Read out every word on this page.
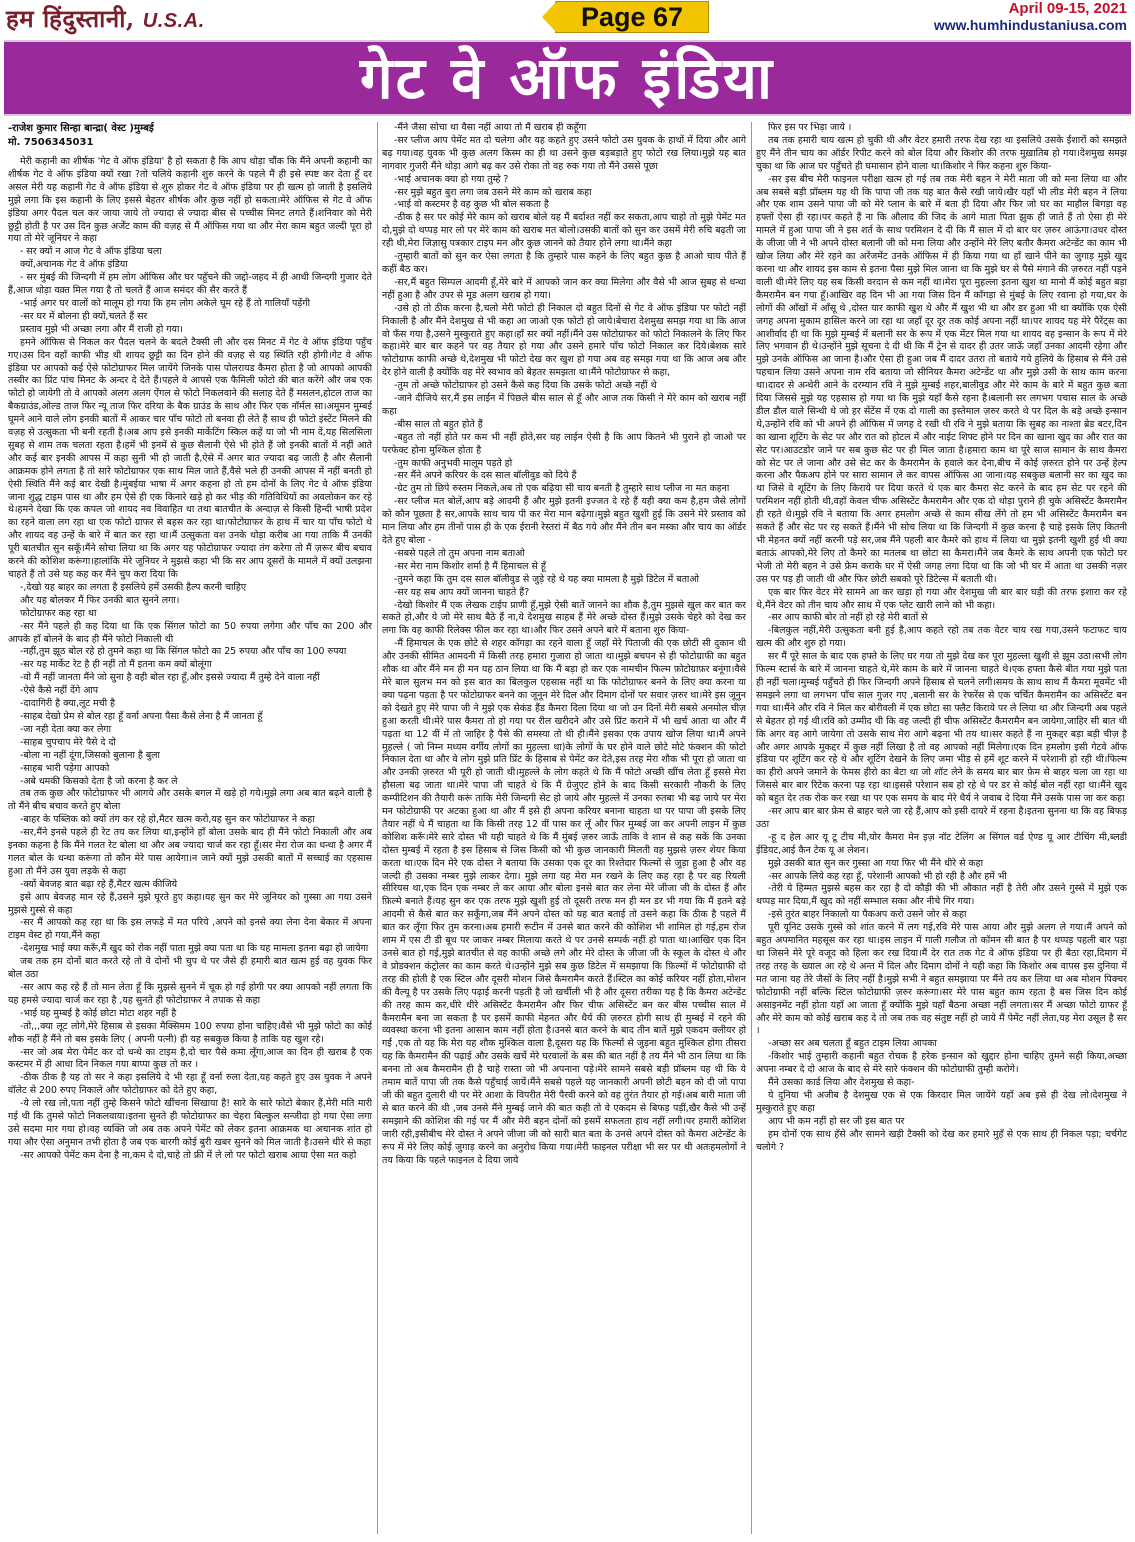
हम हिंदुस्तानी, U.S.A.	Page 67	April 09-15, 2021
www.humhindustaniusa.com
गेट वे ऑफ इंडिया
-राजेश कुमार सिन्हा बान्द्रा( वेस्ट )मुम्बई
मो. 7506345031

मेरी कहानी का शीर्षक 'गेट वे ऑफ इंडिया' है हो सकता है कि आप थोड़ा चौंक कि मैंने अपनी कहानी का शीर्षक गेट वे ऑफ इंडिया क्यों रखा ?तो चलिये कहानी शुरु करने के पहले मैं ही इसे स्पष्ट कर देता हूँ दर असल मेरी यह कहानी गेट वे ऑफ इंडिया से शुरु होकर गेट वे ऑफ इंडिया पर ही खत्म हो जाती है इसलिये मुझे लगा कि इस कहानी के लिए इससे बेहतर शीर्षक और कुछ नहीं हो सकता।मेरे ऑफिस से गेट वे ऑफ इंडिया अगर पैदल चल कर जाया जाये तो ज्यादा से ज्यादा बीस से पच्चीस मिनट लगते हैं।शनिवार को मेरी छुट्टी होती है पर उस दिन कुछ अर्जेंट काम की वज़ह से मैं ऑफिस गया था और मेरा काम बहुत जल्दी पूरा हो गया तो मेरे जूनियर ने कहा

- सर क्यों न आज गेट वे ऑफ इंडिया चला

क्यों,अचानक गेट वे ऑफ इंडिया

- सर मुंबई की जिन्दगी में हम लोग ऑफिस और घर पहुँचने की जद्दो-जहद में ही आधी जिन्दगी गुजार देते हैं,आज थोड़ा वक़्त मिल गया है तो चलते हैं आज समंदर की सैर करते हैं

-भाई अगर घर वालों को मालूम हो गया कि हम लोग अकेले घूम रहे हैं तो गालियाँ पड़ेंगी

-सर घर में बोलना ही क्यों,चलते हैं सर

प्रस्ताव मुझे भी अच्छा लगा और मैं राजी हो गया।

हमने ऑफिस से निकल कर पैदल चलने के बदले टैक्सी ली और दस मिनट में गेट वे ऑफ इंडिया पहुँच गए।उस दिन वहाँ काफी भीड़ थी शायद छुट्टी का दिन होने की वज़ह से यह स्थिति रही होगी।गेट वे ऑफ इंडिया पर आपको कई ऐसे फोटोग्राफर मिल जायेंगे जिनके पास पोलरायड कैमरा होता है जो आपको आपकी तस्वीर का प्रिंट पांच मिनट के अन्दर दे देते हैं।पहले वे आपसे एक फैमिली फोटो की बात करेंगे और जब एक फोटो हो जायेगी तो वे आपको अलग अलग ऐंगल से फोटो निकलवाने की सलाह देते हैं मसलन,होटल ताज का बैकग्राउंड,ओल्ड ताज फिर न्यू ताज फिर दरिया के बैक ग्राउंड के साथ और फिर एक नॉर्मल सा।अमूमन मुम्बई घूमने आने वाले लोग इनकी बातों में आकर चार पाँच फोटो तो बनवा ही लेते हैं साथ ही फोटो इंस्टेंट मिलने की वज़ह से उत्सुकता भी बनी रहती है।अब आप इसे इनकी मार्केटिंग स्किल कहें या जो भी नाम दें,यह सिलसिला सुबह से शाम तक चलता रहता है।हमें भी इनमें से कुछ सैलानी ऐसे भी होते हैं जो इनकी बातों में नहीं आते और कई बार इनकी आपस में कहा सुनी भी हो जाती है,ऐसे में अगर बात ज्यादा बढ़ जाती है और सैलानी आक्रमक होने लगता है तो सारे फोटोग्राफर एक साथ मिल जाते हैं,वैसे भले ही उनकी आपस में नहीं बनती हो ऐसी स्थिति मैंने कई बार देखी है।मुंबईया भाषा में अगर कहना हो तो हम दोनों के लिए गेट वे ऑफ इंडिया जाना शुद्ध टाइम पास था और हम ऐसे ही एक किनारे खड़े हो कर भीड़ की गतिविधियों का अवलोकन कर रहे थे।हमने देखा कि एक कपल जो शायद नव विवाहित था तथा बातचीत के अन्दाज़ से किसी हिन्दी भाषी प्रदेश का रहने वाला लग रहा था एक फोटो ग्राफर से बहस कर रहा था।फोटोग्राफर के हाथ में चार या पाँच फोटो थे और शायद वह उन्हें के बारे में बात कर रहा था।मैं उत्सुकता वश उनके थोड़ा करीब आ गया ताकि मैं उनकी पूरी बातचीत सुन सकूँ।मैंने सोचा लिया था कि अगर यह फोटोग्राफर ज्यादा तंग करेगा तो मैं ज़रूर बीच बचाव करने की कोशिश करूंगा।हालांकि मेरे जूनियर ने मुझसे कहा भी कि सर आप दूसरों के मामले में क्यों उलझना चाहते हैं तो उसे यह कह कर मैंने चुप करा दिया कि

-,देखो यह बाहर का लगता है इसलिये हमें उसकी हैल्प करनी चाहिए

और यह बोलकर मैं फिर उनकी बात सुनने लगा।

फोटोग्राफर कह रहा था

-सर मैंने पहले ही कह दिया था कि एक सिंगल फोटो का 50 रुपया लगेगा और पाँच का 200 और आपके हाँ बोलने के बाद ही मैंने फोटो निकाली थी

-नहीं,तुम झूठ बोल रहे हो तुमने कहा था कि सिंगल फोटो का 25 रुपया और पाँच का 100 रुपया

-सर यह मार्केट रेट है ही नहीं तो मैं इतना कम क्यों बोलूंगा

-वो मैं नहीं जानता मैंने जो सुना है वही बोल रहा हूँ,और इससे ज्यादा मैं तुम्हे देने वाला नहीं

-ऐसे कैसे नहीं देंगे आप

-दादागिरी है क्या,लूट मची है

-साहब देखो प्रेम से बोल रहा हूँ वर्ना अपना पैसा कैसे लेना है मैं जानता हूँ

-जा नही देता क्या कर लेगा

-साहब चुपचाप मेरे पैसे दे दो

-बोला ना नहीं दूंगा,जिसको बुलाना है बुला

-साहब भारी पड़ेगा आपको

-अबे धमकी किसको देता है जो करना है कर ले

तब तक कुछ और फोटोग्राफर भी आगये और उसके बगल में खड़े हो गये।मुझे लगा अब बात बढ़ने वाली है तो मैंने बीच बचाव करते हुए बोला

-बाहर के पब्लिक को क्यों तंग कर रहे हो,मैटर खत्म करो,यह सुन कर फोटोग्राफर ने कहा

-सर,मैंने इनसे पहले ही रेट तय कर लिया था,इन्होंने हाँ बोला उसके बाद ही मैंने फोटो निकाली और अब इनका कहना है कि मैंने गलत रेट बोला था और अब ज्यादा चार्ज कर रहा हूँ।सर मेरा रोज का धन्धा है अगर मैं गलत बोल के धन्धा करूंगा तो कौन मेरे पास आयेगा।न जाने क्यों मुझे उसकी बातों में सच्चाई का एहसास हुआ तो मैंने उस युवा लड़के से कहा

-क्यों बेवजह बात बढ़ा रहे हैं,मैटर खत्म कीजिये

इसे आप बेवजह मान रहे हैं,उसने मुझे घूरते हुए कहा।यह सुन कर मेरे जूनियर को गुस्सा आ गया उसने मुझसे गुस्से से कहा

-सर मैं आपको कह रहा था कि इस लफड़े में मत परिये ,अपने को इनसे क्या लेना देना बेकार में अपना टाइम वेस्ट हो गया,मैंने कहा

-देशमुख भाई क्या करूँ,मैं खुद को रोक नहीं पाता मुझे क्या पता था कि यह मामला इतना बढ़ा हो जायेगा

जब तक हम दोनों बात करते रहे तो वे दोनों भी चुप थे पर जैसे ही हमारी बात खत्म हुई वह युवक फिर बोल उठा

-सर आप कह रहे हैं तो मान लेता हूँ कि मुझसे सुनने में चूक हो गई होगी पर क्या आपको नहीं लगता कि यह हमसे ज्यादा चार्ज कर रहा है ,यह सुनते ही फोटोग्राफर ने तपाक से कहा

-भाई यह मुम्बई है कोई छोटा मोटा शहर नहीं है

-तो,,,क्या लूट लोगे,मेरे हिसाब से इसका मैक्सिमम 100 रुपया होना चाहिए।वैसे भी मुझे फोटो का कोई शौक नहीं है मैंने तो बस इसके लिए ( अपनी पत्नी) ही यह सबकुछ किया है ताकि यह खुश रहे।

-सर जो अब मेरा पेमेंट कर दो धन्धे का टाइम है,दो चार पैसे कमा लूँगा,आज का दिन ही खराब है एक कस्टमर में ही आधा दिन निकल गया बाप्पा कुछ तो कर ।

-ठीक ठीक है यह तो सर ने कहा इसलिये दे भी रहा हूँ वर्ना रुला देता,यह कहते हुए उस युवक ने अपने वॉलेट से 200 रुपए निकाले और फोटोग्राफर को देते हुए कहा,

-ये लो रख लो,पता नहीं तुम्हे किसने फोटो खींचना सिखाया है! सारे के सारे फोटो बेकार हैं,मेरी मति मारी गई थी कि तुमसे फोटो निकलवाया।इतना सुनते ही फोटोग्राफर का चेहरा बिल्कुल सन्जीदा हो गया ऐसा लगा उसे सदमा मार गया हो।वह व्यक्ति जो अब तक अपने पेमेंट को लेकर इतना आक्रमक था अचानक शांत हो गया और ऐसा अनुमान तभी होता है जब एक बारगी कोई बुरी खबर सुनने को मिल जाती है।उसने धीरे से कहा

-सर आपको पेमेंट कम देना है ना,कम दे दो,चाहे तो फ्री में ले लो पर फोटो खराब आया ऐसा मत कहो

-मैंने जैसा सोचा था वैसा नहीं आया तो मैं खराब ही कहूँगा

-सर प्लीज आप पेमेंट मत दो चलेगा और यह कहते हुए उसने फोटो उस युवक के हाथों में दिया और आगे बढ़ गया।वह युवक भी कुछ अलग किस्म का ही था उसने कुछ बड़बड़ाते हुए फोटो रख लिया।मुझे यह बात नागवार गुजरी मैंने थोड़ा आगे बढ़ कर उसे रोका तो वह रुक गया तो मैंने उससे पूछा

-भाई अचानक क्या हो गया तुम्हे ?

-सर मुझे बहुत बुरा लगा जब उसने मेरे काम को खराब कहा

-भाई वो कस्टमर है वह कुछ भी बोल सकता है

-ठीक है सर पर कोई मेरे काम को खराब बोले यह मैं बर्दाश्त नहीं कर सकता,आप चाहो तो मुझे पेमेंट मत दो,मुझे दो थप्पड़ मार लो पर मेरे काम को खराब मत बोलो।उसकी बातों को सुन कर उसमें मेरी रुचि बढ़ती जा रही थी,मेरा जिज्ञासु पत्रकार टाइप मन और कुछ जानने को तैयार होने लगा था।मैंने कहा

-तुम्हारी बातों को सुन कर ऐसा लगता है कि तुम्हारे पास कहने के लिए बहुत कुछ है आओ चाय पीते हैं कहीं बैठ कर।

-सर,मैं बहुत सिम्पल आदमी हूँ,मेरे बारे में आपको जान कर क्या मिलेगा और वैसे भी आज सुबह से धन्धा नहीं हुआ है और उपर से मूड अलग खराब हो गया।

-उसे हो तो ठीक करना है,चलो मेरी फोटो ही निकाल दो बहुत दिनों से गेट वे ऑफ इंडिया पर फोटो नहीं निकाली है और मैंने देशमुख से भी कहा आ जाओ एक फोटो हो जाये।बेचारा देशमुख समझ गया था कि आज वो फँस गया है,उसने मुस्कुराते हुए कहा।हाँ सर क्यों नहीं।मैंने उस फोटोग्राफर को फोटो निकालने के लिए फिर कहा।मेरे बार बार कहने पर वह तैयार हो गया और उसने हमारे पाँच फोटो निकाल कर दिये।बेशक सारे फोटोग्राफ काफी अच्छे थे,देशमुख भी फोटो देख कर खुश हो गया अब वह समझ गया था कि आज अब और देर होने वाली है क्योंकि वह मेरे स्वभाव को बेहतर समझता था।मैंने फोटोग्राफर से कहा,

-तुम तो अच्छे फोटोग्राफर हो उसने कैसे कह दिया कि उसके फोटो अच्छे नहीं थे

-जाने दीजिये सर,मैं इस लाईन में पिछले बीस साल से हूँ और आज तक किसी ने मेरे काम को खराब नहीं कहा

-बीस साल तो बहुत होते हैं

-बहुत तो नहीं होते पर कम भी नहीं होते,सर यह लाईन ऐसी है कि आप कितने भी पुराने हो जाओ पर परफेक्ट होना मुश्किल होता है

-तुम काफी अनुभवी मालूम पड़ते हो

-सर मैंने अपने करियर के दस साल बॉलीवुड को दिये हैं

-ग्रेट तुम तो छिपे रुस्तम निकले,अब तो एक बढ़िया सी चाय बनती है तुम्हारे साथ प्लीज ना मत कहना

-सर प्लीज मत बोलें,आप बड़े आदमी हैं और मुझे इतनी इज्जत दे रहे हैं यही क्या कम है,हम जैसे लोगों को कौन पूछता है सर,आपके साथ चाय पी कर मेरा मान बढ़ेगा।मुझे बहुत खुशी हुई कि उसने मेरे प्रस्ताव को मान लिया और हम तीनों पास ही के एक ईरानी रेस्तरां में बैठ गये और मैंने तीन बन मस्का और चाय का ऑर्डर देते हुए बोला -

-सबसे पहले तो तुम अपना नाम बताओ

-सर मेरा नाम किशोर शर्मा है मैं हिमाचल से हूँ

-तुमने कहा कि तुम दस साल बॉलीवुड से जुड़े रहे थे यह क्या मामला है मुझे डिटेल में बताओ

-सर यह सब आप क्यों जानना चाहते हैं?

-देखो किशोर मैं एक लेखक टाईप प्राणी हूँ,मुझे ऐसी बातें जानने का शौक है,तुम मुझसे खुल कर बात कर सकते हो,और ये जो मेरे साथ बैठे हैं ना,ये देशमुख साहब हैं मेरे अच्छे दोस्त हैं।मुझे उसके चेहरे को देख कर लगा कि वह काफी रिलेक्स फील कर रहा था।और फिर उसने अपने बारे में बताना शुरु किया-

-मैं हिमाचल के एक छोटे से शहर काँगड़ा का रहने वाला हूँ जहाँ मेरे पिताजी की एक छोटी सी दुकान थी और उनकी सीमित आमदनी में किसी तरह हमारा गुजारा हो जाता था।मुझे बचपन से ही फोटोग्राफी का बहुत शौक था और मैंने मन ही मन यह ठान लिया था कि मैं बड़ा हो कर एक नामचीन फिल्म फ़ोटोग्राफ़र बनूंगा।वैसे मेरे बाल सुलभ मन को इस बात का बिलकुल एहसास नहीं था कि फोटोग्राफर बनने के लिए क्या करना या क्या पढ़ना पड़ता है पर फोटोग्राफर बनने का जूनून मेरे दिल और दिमाग दोनों पर सवार ज़रुर था।मेरे इस जूनुन को देखते हुए मेरे पापा जी ने मुझे एक सेकंड हैंड कैमरा दिला दिया था जो उन दिनों मेरी सबसे अनमोल चीज़ हुआ करती थी।मेरे पास कैमरा तो हो गया पर रील खरीदने और उसे प्रिंट कराने में भी खर्च आता था और मैं पढ़ता था 12 वीं में तो जाहिर है पैसे की समस्या तो थी ही।मैंने इसका एक उपाय खोज लिया था।मैं अपने मुहल्ले ( जो निम्न मध्यम वर्गीय लोगों का मुहल्ला था)के लोगों के घर होने वाले छोटे मोटे फंक्शन की फोटो निकाल देता था और वे लोग मुझे प्रति प्रिंट के हिसाब से पेमेंट कर देते,इस तरह मेरा शौक भी पूरा हो जाता था और उनकी ज़रुरत भी पूरी हो जाती थी।मुहल्ले के लोग कहते थे कि मैं फोटो अच्छी खींच लेता हूँ इससे मेरा हौसला बढ़ जाता था।मेरे पापा जी चाहते थे कि मैं ग्रेजुएट होने के बाद किसी सरकारी नौकरी के लिए कम्पीटिशन की तैयारी करूं ताकि मेरी जिन्दगी सेट हो जाये और मुहल्ले में उनका रुतबा भी बढ़ जाये पर मेरा मन फोटोग्राफी पर अटका हुआ था और मैं इसे ही अपना करियर बनाना चाहता था पर पापा जी इसके लिए तैयार नहीं थे मैं चाहता था कि किसी तरह 12 वीं पास कर लूँ और फिर मुम्बई जा कर अपनी लाइन में कुछ कोशिश करूँ।मेरे सारे दोस्त भी यही चाहते थे कि मैं मुंबई ज़रुर जाऊँ ताकि वे शान से कह सकें कि उनका दोस्त मुम्बई में रहता है इस हिसाब से जिस किसी को भी कुछ जानकारी मिलती वह मुझसे ज़रुर शेयर किया करता था।एक दिन मेरे एक दोस्त ने बताया कि उसका एक दूर का रिश्तेदार फिल्मों से जुड़ा हुआ है और वह जल्दी ही उसका नम्बर मुझे लाकर देगा। मुझे लगा यह मेरा मन रखने के लिए कह रहा है पर वह रियली सीरियस था,एक दिन एक नम्बर ले कर आया और बोला इनसे बात कर लेना मेरे जीजा जी के दोस्त हैं और फ़िल्मे बनाते हैं।यह सुन कर एक तरफ मुझे खुशी हुई तो दूसरी तरफ मन ही मन डर भी गया कि मैं इतने बड़े आदमी से कैसे बात कर सकूँगा,जब मैंने अपने दोस्त को यह बात बताई तो उसने कहा कि ठीक है पहले मैं बात कर लूँगा फिर तुम करना।अब हमारी रूटीन में उनसे बात करने की कोशिश भी शामिल हो गई,हम रोज शाम में एस टी डी बूथ पर जाकर नम्बर मिलाया करते थे पर उनसे सम्पर्क नहीं हो पाता था।आखिर एक दिन उनसे बात हो गई,मुझे बातचीत से वह काफी अच्छे लगे और मेरे दोस्त के जीजा जी के स्कूल के दोस्त थे और वे प्रोडक्शन कंट्रोलर का काम करते थे।उन्होंने मुझे सब कुछ डिटेल में समझाया कि फ़िल्मों में फोटोग्राफी दो तरह की होती है एक स्टिल और दूसरी मोशन जिसे कैमरामैन करते हैं।स्टिल का कोई करियर नहीं होता,मोशन की वैल्यू है पर उसके लिए पढ़ाई करनी पड़ती है जो खर्चीली भी है और दूसरा तरीका यह है कि कैमरा अटेन्डेंट की तरह काम कर,धीरे धीरे असिस्टेंट कैमरामैन और फिर चीफ असिस्टेंट बन कर बीस पच्चीस साल में कैमरामैन बना जा सकता है पर इसमें काफी मेहनत और धैर्य की ज़रुरत होगी साथ ही मुम्बई में रहने की व्यवस्था करना भी इतना आसान काम नहीं होता है।उनसे बात करने के बाद तीन बातें मुझे एकदम क्लीयर हो गईं ,एक तो यह कि मेरा यह शौक मुश्किल वाला है,दूसरा यह कि फिल्मों से जुड़ना बहुत मुश्किल होगा तीसरा यह कि कैमरामैन की पढ़ाई और उसके खर्चे मेरे घरवालों के बस की बात नहीं है तय मैंने भी ठान लिया था कि बनना तो अब कैमरामैन ही है चाहे रास्ता जो भी अपनाना पड़े।मेरे सामने सबसे बड़ी प्रॉब्लम यह थी कि ये तमाम बातें पापा जी तक कैसे पहुँचाई जायें।मैंने सबसे पहले यह जानकारी अपनी छोटी बहन को दी जो पापा जी की बहुत दुलारी थी पर मेरे आशा के विपरीत मेरी पैरवी करने को वह तुरंत तैयार हो गई।अब बारी माता जी से बात करने की थी ,जब उनसे मैंने मुम्बई जाने की बात कही तो वे एकदम से बिफड़ पड़ीं,खैर कैसे भी उन्हें समझाने की कोशिश की गई पर मैं और मेरी बहन दोनों को इसमें सफलता हाथ नहीं लगी।पर हमारी कोशिश जारी रही,इसीबीच मेरे दोस्त ने अपने जीजा जी को सारी बात बता के उनसे अपने दोस्त को कैमरा अटेन्डेंट के रूप में मेरे लिए कोई जुगाड़ करने का अनुरोध किया गया।मेरी फाइनल परीक्षा भी सर पर थी अतःहमलोगों ने तय किया कि पहले फाइनल दे दिया जाये

फिर इस पर भिड़ा जाये ।

तब तक हमारी चाय खत्म हो चुकी थी और वेटर हमारी तरफ देख रहा था इसलिये उसके ईशारों को समझते हुए मैंने तीन चाय का ऑर्डर रिपीट करने को बोल दिया और किशोर की तरफ मुख़ातिब हो गया।देशमुख समझ चुका था कि आज घर पहुँचते ही घमासान होने वाला था।किशोर ने फिर कहना शुरु किया-

-सर इस बीच मेरी फाइनल परीक्षा खत्म हो गई तब तक मेरी बहन ने मेरी माता जी को मना लिया था और अब सबसे बड़ी प्रॉब्लम यह थी कि पापा जी तक यह बात कैसे रखी जाये।खैर यहाँ भी लीड मेरी बहन ने लिया और एक शाम उसने पापा जी को मेरे प्लान के बारे में बता ही दिया और फिर जो घर का माहौल बिगड़ा वह हफ्तों ऐसा ही रहा।पर कहते हैं ना कि औलाद की जिद के आगे माता पिता झुक ही जाते हैं तो ऐसा ही मेरे मामले में हुआ पापा जी ने इस शर्त के साथ परमिशन दे दी कि मैं साल में दो बार घर ज़रुर आऊंगा।उधर दोस्त के जीजा जी ने भी अपने दोस्त बलानी जी को मना लिया और उन्होंने मेरे लिए बतौर कैमरा अटेन्डेंट का काम भी खोज लिया और मेरे रहने का अरेंजमेंट उनके ऑफिस में ही किया गया था हाँ खाने पीने का जुगाड़ मुझे खुद करना था और शायद इस काम से इतना पैसा मुझे मिल जाना था कि मुझे घर से पैसे मंगाने की ज़रुरत नहीं पड़ने वाली थी।मेरे लिए यह सब किसी वरदान से कम नहीं था।मेरा पूरा मुहल्ला इतना खुश था मानो मैं कोई बहुत बड़ा कैमरामैन बन गया हूँ।आखिर वह दिन भी आ गया जिस दिन मैं काँगड़ा से मुंबई के लिए रवाना हो गया,घर के लोगों की आँखों में आँसू थे ,दोस्त यार काफी खुश थे और मैं खुश भी था और डर हुआ भी था क्योंकि एक ऐसी जगह अपना मुकाम हासिल करने जा रहा था जहाँ दूर दूर तक कोई अपना नहीं था।पर शायद यह मेरे पैरेंट्स का आशीर्वाद ही था कि मुझे मुम्बई में बलानी सर के रूप में एक मेंटर मिल गया था शायद वह इन्सान के रूप में मेरे लिए भगवान ही थे।उन्होंने मुझे सूचना दे दी थी कि मैं ट्रेन से दादर ही उतर जाऊँ जहाँ उनका आदमी रहेगा और मुझे उनके ऑफिस आ जाना है।और ऐसा ही हुआ जब मैं दादर उतरा तो बताये गये हुलिये के हिसाब से मैंने उसे पहचान लिया उसने अपना नाम रवि बताया जो सीनियर कैमरा अटेन्डेंट था और मुझे उसी के साथ काम करना था।दादर से अन्धेरी आने के दरम्यान रवि ने मुझे मुम्बई शहर,बालीवुड और मेरे काम के बारे में बहुत कुछ बता दिया जिससे मुझे यह एहसास हो गया था कि मुझे यहाँ कैसे रहना है।बलानी सर लगभग पचास साल के अच्छे डील डौल वाले सिन्धी थे जो हर सेंटेंस में एक दो गाली का इस्तेमाल ज़रुर करते थे पर दिल के बड़े अच्छे इन्सान थे,उन्होंने रवि को भी अपने ही ऑफिस में जगह दे रखी थी रवि ने मुझे बताया कि सुबह का नाश्ता ब्रेड बटर,दिन का खाना शूटिंग के सेट पर और रात को होटल में और नाईट शिफ्ट होने पर दिन का खाना खुद का और रात का सेट पर।आउटडोर जाने पर सब कुछ सेट पर ही मिल जाता है।हमारा काम था पूरे साज सामान के साथ कैमरा को सेट पर ले जाना और उसे सेट कर के कैमरामैन के हवाले कर देना,बीच में कोई ज़रुरत होने पर उन्हें हेल्प करना और पैकअप होने पर सारा सामान ले कर वापस ऑफिस आ जाना।यह सबकुछ बलानी सर का खुद का था जिसे वे शूटिंग के लिए किराये पर दिया करते थे एक बार कैमरा सेट करने के बाद हम सेट पर रहने की परमिशन नहीं होती थी,वहाँ केवल चीफ असिस्टेंट कैमरामैन और एक दो थोड़ा पुराने ही चुके असिस्टेंट कैमरामैन ही रहते थे।मुझे रवि ने बताया कि अगर हमलोग अच्छे से काम सीख लेंगे तो हम भी असिस्टेंट कैमरामैन बन सकते हैं और सेट पर रह सकते हैं।मैंने भी सोच लिया था कि जिन्दगी में कुछ करना है चाहे इसके लिए कितनी भी मेहनत क्यों नहीं करनी पड़े सर,जब मैंने पहली बार कैमरे को हाथ में लिया था मुझे इतनी खुशी हुई थी क्या बताऊं आपको,मेरे लिए तो कैमरे का मतलब था छोटा सा कैमरा।मैंने जब कैमरे के साथ अपनी एक फोटो घर भेजी तो मेरी बहन ने उसे फ्रेम कराके घर में ऐसी जगह लगा दिया था कि जो भी घर में आता था उसकी नज़र उस पर पड़ ही जाती थी और फिर छोटी सबको पूरे डिटेल्स में बताती थी।

एक बार फिर वेटर मेरे सामने आ कर खड़ा हो गया और देशमुख जी बार बार घड़ी की तरफ इशारा कर रहे थे,मैंने वेटर को तीन चाय और साथ में एक प्लेट खारी लाने को भी कहा।

-सर आप काफी बोर तो नहीं हो रहे मेरी बातों से

-बिलकुल नहीं,मेरी उत्सुकता बनी हुई है,आप कहते रहो तब तक वेटर चाय रख गया,उसने फटाफट चाय खत्म की और शुरु हो गया।

सर मैं पूरे साल के बाद एक हफ्ते के लिए घर गया तो मुझे देख कर पूरा मुहल्ला खुशी से झूम उठा।सभी लोग फिल्म स्टार्स के बारे में जानना चाहते थे,मेरे काम के बारे में जानना चाहते थे।एक हफ्ता कैसे बीत गया मुझे पता ही नहीं चला।मुम्बई पहुँचते ही फिर जिन्दगी अपने हिसाब से चलने लगी।समय के साथ साथ मैं कैमरा मूवमेंट भी समझने लगा था लगभग पाँच साल गुजर गए ,बलानी सर के रेफरेंस से एक चर्चित कैमरामैन का असिस्टेंट बन गया था।मैंने और रवि ने मिल कर बोरीवली में एक छोटा सा फ्लैट किराये पर ले लिया था और जिन्दगी अब पहले से बेहतर हो गई थी।रवि को उम्मीद थी कि वह जल्दी ही चीफ असिस्टेंट कैमरामैन बन जायेगा,जाहिर सी बात थी कि अगर वह आगे जायेगा तो उसके साथ मेरा आगे बढ़ना भी तय था।सर कहते हैं ना मुकद्दर बड़ा बड़ी चीज़ है और अगर आपके मुकद्दर में कुछ नहीं लिखा है तो वह आपको नहीं मिलेगा।एक दिन हमलोग इसी गेटवे ऑफ इंडिया पर शूटिंग कर रहे थे और शूटिंग देखने के लिए जमा भीड़ से हमें शूट करने में परेशानी हो रही थी।फिल्म का हीरो अपने जमाने के फेमस हीरो का बेटा था जो शॉट लेने के समय बार बार फ़ेम से बाहर चला जा रहा था जिससे बार बार रिटेक करना पड़ रहा था।इससे परेशान सब हो रहे थे पर डर से कोई बोल नहीं रहा था।मैंने खुद को बहुत देर तक रोक कर रखा था पर एक समय के बाद मेरे धैर्य ने जवाब दे दिया मैंने उसके पास जा कर कहा

-सर आप बार बार फ्रेम से बाहर चले जा रहे हैं,आप को इसी दायरे में रहना है।इतना सुनना था कि वह बिफड़ उठा

-हू द हेल आर यू टू टीच मी,योर कैमरा मेन इज़ नॉट टेलिंग अ सिंगल वर्ड ऐण्ड यू आर टीचिंग मी,ब्लडी ईडियट,आई कैन टेक यू अ लेशन।

मुझे उसकी बात सुन कर गुस्सा आ गया फिर भी मैंने धीरे से कहा

-सर आपके लिये कह रहा हूँ, परेशानी आपको भी हो रही है और हमें भी

-तेरी ये हिम्मत मुझसे बहस कर रहा है दो कौड़ी की भी औकात नहीं है तेरी और उसने गुस्से में मुझे एक थप्पड़ मार दिया,मैं खुद को नहीं सम्भाल सका और नीचे गिर गया।

-इसे तुरंत बाहर निकालो या पैकअप करो उसने जोर से कहा

पूरी यूनिट उसके गुस्से को शांत करने में लग गई,रवि मेरे पास आया और मुझे अलग ले गया।मैं अपने को बहुत अपमानित महसूस कर रहा था।इस लाइन में गाली गलौज तो कॉमन सी बात है पर थप्पड़ पहली बार पड़ा था जिसने मेरे पूरे वजूद को हिला कर रख दिया।मैं देर रात तक गेट वे ऑफ इंडिया पर ही बैठा रहा,दिमाग में तरह तरह के ख्याल आ रहे थे अन्त में दिल और दिमाग दोनों ने यही कहा कि किशोर अब वापस इस दुनिया में मत जाना यह तेरे जैसों के लिए नहीं है।मुझे सभी ने बहुत समझाया पर मैंने तय कर लिया था अब मोशन पिक्चर फोटोग्राफी नहीं बल्कि स्टिल फोटोग्राफी ज़रुर करूंगा।सर मेरे पास बहुत काम रहता है बस जिस दिन कोई असाइनमेंट नहीं होता यहाँ आ जाता हूँ क्योंकि मुझे यहाँ बैठना अच्छा नहीं लगता।सर मैं अच्छा फोटो ग्राफर हूँ और मेरे काम को कोई खराब कह दे तो जब तक वह संतुष्ट नहीं हो जाये मैं पेमेंट नहीं लेता,यह मेरा उसूल है सर ।

-अच्छा सर अब चलता हूँ बहुत टाइम लिया आपका

-किशोर भाई तुम्हारी कहानी बहुत रोचक है हरेक इन्सान को खुद्दार होना चाहिए तुमने सही किया,अच्छा अपना नम्बर दे दो आज के बाद से मेरे सारे फंक्शन की फोटोग्राफी तुम्ही करोगे।

मैंने उसका कार्ड लिया और देशमुख से कहा-

ये दुनिया भी अजीब है देशमुख एक से एक किरदार मिल जायेंगे यहाँ अब इसे ही देख लो।देशमुख ने मुस्कुराते हुए कहा

आप भी कम नहीं हो सर जी इस बात पर

हम दोनों एक साथ हँसे और सामने खड़ी टैक्सी को देख कर हमारे मुहँ से एक साथ ही निकल पड़ा; चर्चगेट चलोगे ?
